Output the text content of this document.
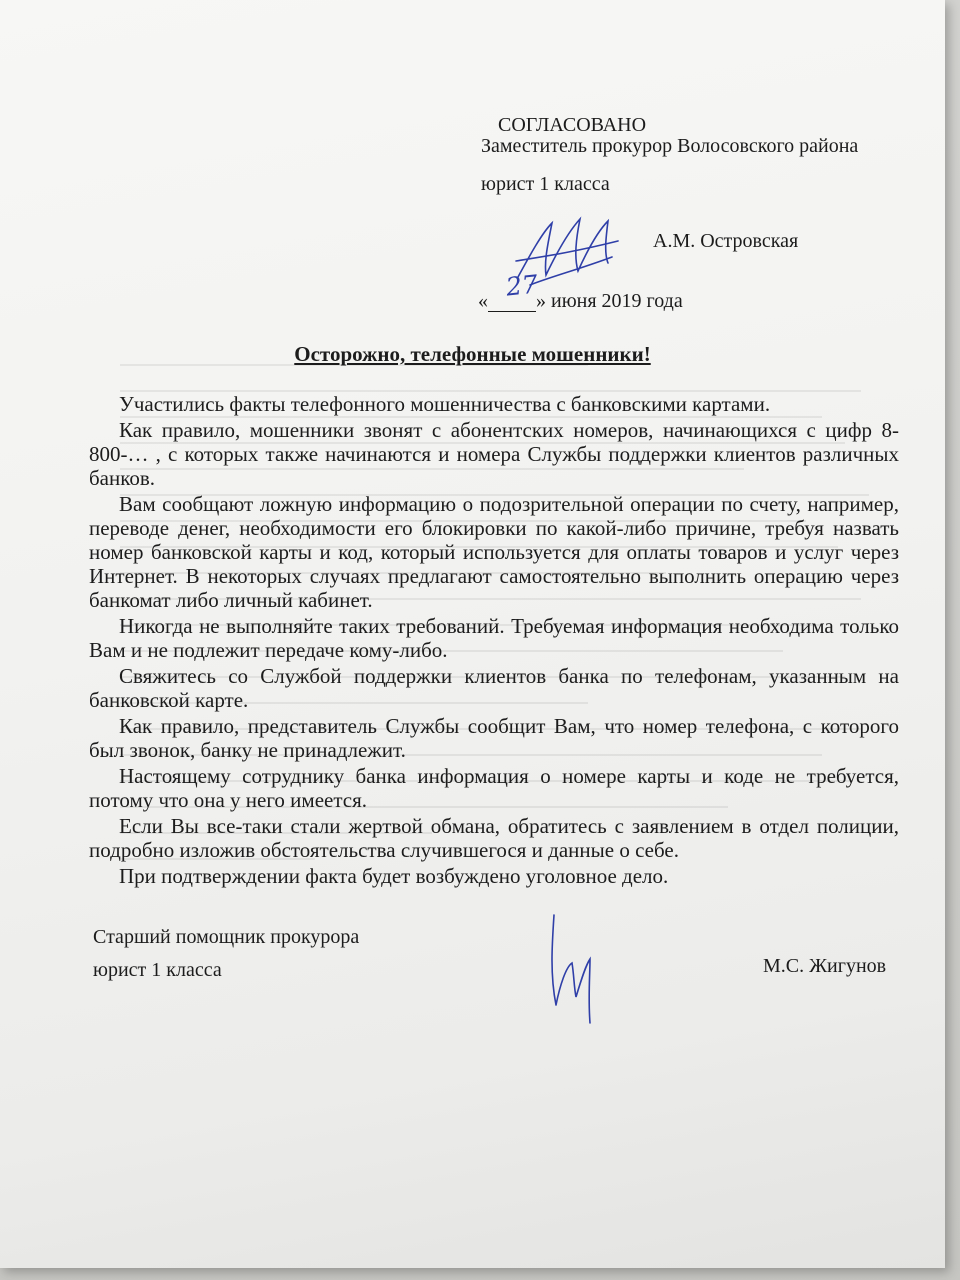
СОГЛАСОВАНО
Заместитель прокурор Волосовского района
юрист 1 класса
А.М. Островская
« » июня 2019 года
27
Осторожно, телефонные мошенники!

Участились факты телефонного мошенничества с банковскими картами.

Как правило, мошенники звонят с абонентских номеров, начинающихся с цифр 8-800-… , с которых также начинаются и номера Службы поддержки клиентов различных банков.

Вам сообщают ложную информацию о подозрительной операции по счету, например, переводе денег, необходимости его блокировки по какой-либо причине, требуя назвать номер банковской карты и код, который используется для оплаты товаров и услуг через Интернет. В некоторых случаях предлагают самостоятельно выполнить операцию через банкомат либо личный кабинет.

Никогда не выполняйте таких требований. Требуемая информация необходима только Вам и не подлежит передаче кому-либо.

Свяжитесь со Службой поддержки клиентов банка по телефонам, указанным на банковской карте.

Как правило, представитель Службы сообщит Вам, что номер телефона, с которого был звонок, банку не принадлежит.

Настоящему сотруднику банка информация о номере карты и коде не требуется, потому что она у него имеется.

Если Вы все-таки стали жертвой обмана, обратитесь с заявлением в отдел полиции, подробно изложив обстоятельства случившегося и данные о себе.

При подтверждении факта будет возбуждено уголовное дело.

Старший помощник прокурора
юрист 1 класса	М.С. Жигунов
